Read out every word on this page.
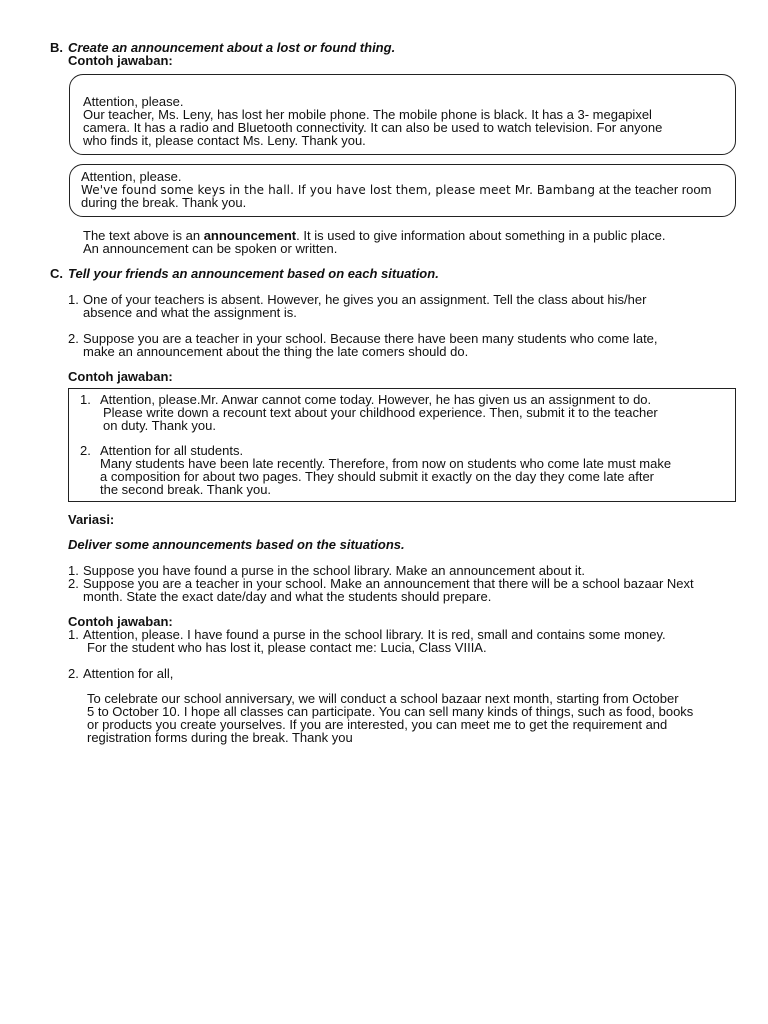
B. Create an announcement about a lost or found thing.
Contoh jawaban:
Attention, please.
Our teacher, Ms. Leny, has lost her mobile phone. The mobile phone is black. It has a 3- megapixel
camera. It has a radio and Bluetooth connectivity. It can also be used to watch television. For anyone
who finds it, please contact Ms. Leny. Thank you.
Attention, please.
We've found some keys in the hall. If you have lost them, please meet Mr. Bambang at the teacher room
during the break. Thank you.
The text above is an announcement. It is used to give information about something in a public place.
An announcement can be spoken or written.
C. Tell your friends an announcement based on each situation.
1. One of your teachers is absent. However, he gives you an assignment. Tell the class about his/her
absence and what the assignment is.
2. Suppose you are a teacher in your school. Because there have been many students who come late,
make an announcement about the thing the late comers should do.
Contoh jawaban:
1. Attention, please.Mr. Anwar cannot come today. However, he has given us an assignment to do.
Please write down a recount text about your childhood experience. Then, submit it to the teacher
on duty. Thank you.
2. Attention for all students.
Many students have been late recently. Therefore, from now on students who come late must make
a composition for about two pages. They should submit it exactly on the day they come late after
the second break. Thank you.
Variasi:
Deliver some announcements based on the situations.
1. Suppose you have found a purse in the school library. Make an announcement about it.
2. Suppose you are a teacher in your school. Make an announcement that there will be a school bazaar Next
month. State the exact date/day and what the students should prepare.
Contoh jawaban:
1. Attention, please. I have found a purse in the school library. It is red, small and contains some money.
For the student who has lost it, please contact me: Lucia, Class VIIIA.
2. Attention for all,
To celebrate our school anniversary, we will conduct a school bazaar next month, starting from October
5 to October 10. I hope all classes can participate. You can sell many kinds of things, such as food, books
or products you create yourselves. If you are interested, you can meet me to get the requirement and
registration forms during the break. Thank you
